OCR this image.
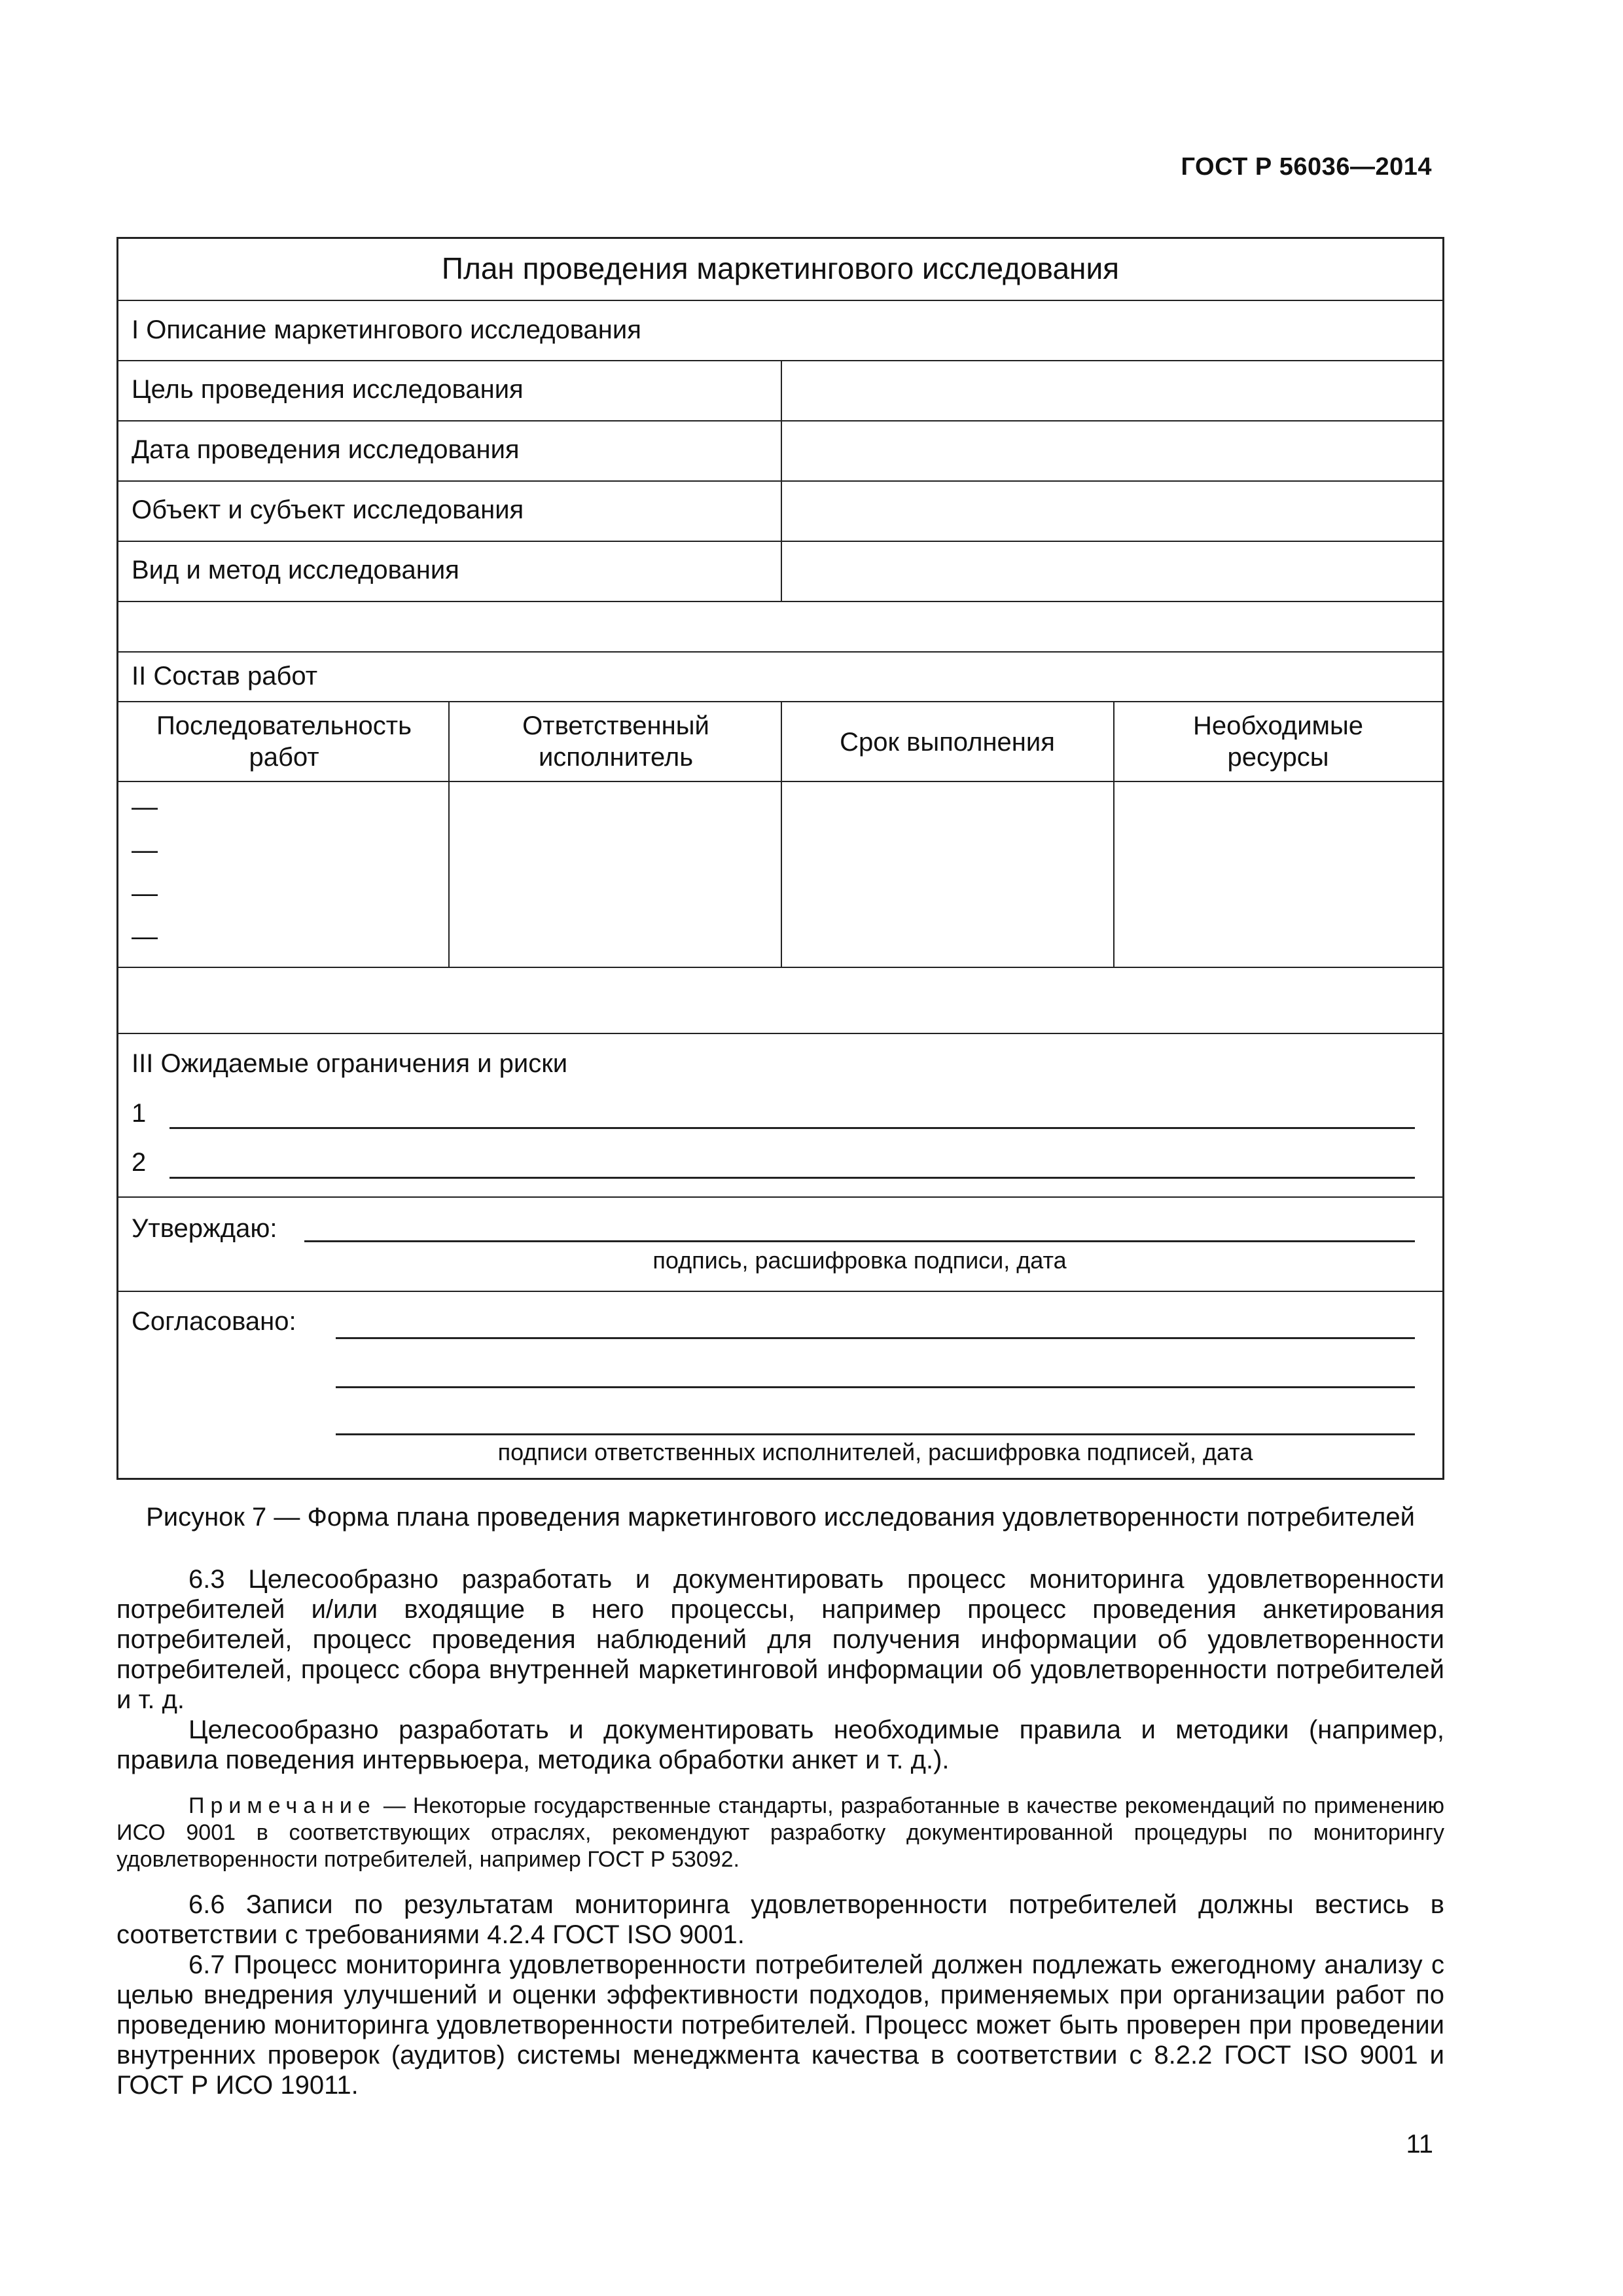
ГОСТ Р 56036—2014
План проведения маркетингового исследования
I Описание маркетингового исследования
Цель проведения исследования
Дата проведения исследования
Объект и субъект исследования
Вид и метод исследования
II Состав работ
Последовательность работ
Ответственный исполнитель
Срок выполнения
Необходимые ресурсы
—
—
—
—
III Ожидаемые ограничения и риски
1
2
Утверждаю:
подпись, расшифровка подписи, дата
Согласовано:
подписи ответственных исполнителей, расшифровка подписей, дата
Рисунок 7 — Форма плана проведения маркетингового исследования удовлетворенности потребителей

6.3 Целесообразно разработать и документировать процесс мониторинга удовлетворенности потребителей и/или входящие в него процессы, например процесс проведения анкетирования потребителей, процесс проведения наблюдений для получения информации об удовлетворенности потребителей, процесс сбора внутренней маркетинговой информации об удовлетворенности потребителей и т. д.

Целесообразно разработать и документировать необходимые правила и методики (например, правила поведения интервьюера, методика обработки анкет и т. д.).

Примечание — Некоторые государственные стандарты, разработанные в качестве рекомендаций по применению ИСО 9001 в соответствующих отраслях, рекомендуют разработку документированной процедуры по мониторингу удовлетворенности потребителей, например ГОСТ Р 53092.

6.6 Записи по результатам мониторинга удовлетворенности потребителей должны вестись в соответствии с требованиями 4.2.4 ГОСТ ISO 9001.

6.7 Процесс мониторинга удовлетворенности потребителей должен подлежать ежегодному анализу с целью внедрения улучшений и оценки эффективности подходов, применяемых при организации работ по проведению мониторинга удовлетворенности потребителей. Процесс может быть проверен при проведении внутренних проверок (аудитов) системы менеджмента качества в соответствии с 8.2.2 ГОСТ ISO 9001 и ГОСТ Р ИСО 19011.

11
